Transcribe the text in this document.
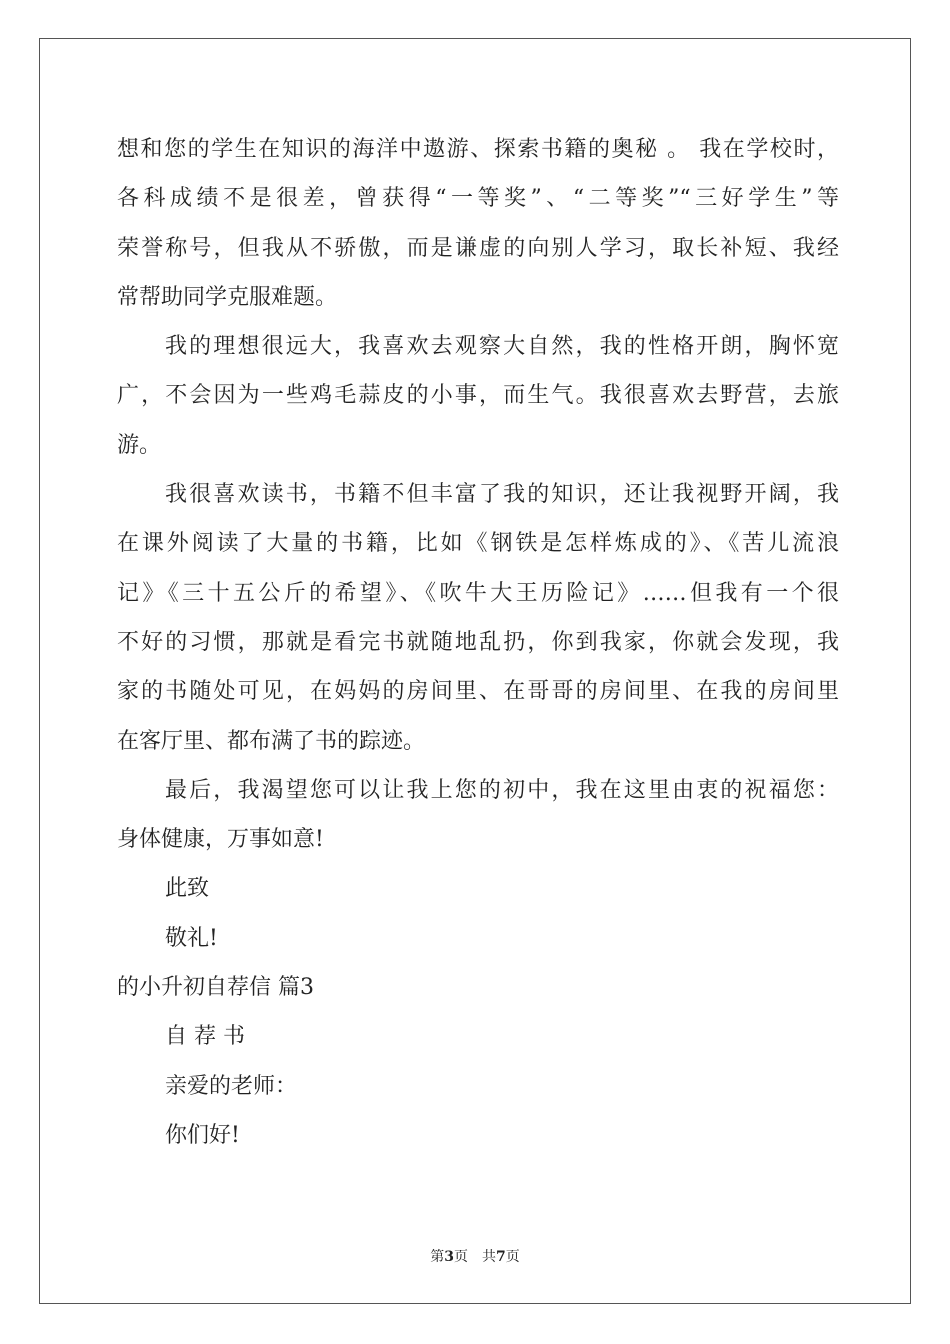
想和您的学生在知识的海洋中遨游、探索书籍的奥秘 。 我在学校时，
各科成绩不是很差，曾获得“一等奖”、“二等奖”“三好学生”等
荣誉称号，但我从不骄傲，而是谦虚的向别人学习，取长补短、我经
常帮助同学克服难题。
我的理想很远大，我喜欢去观察大自然，我的性格开朗，胸怀宽
广，不会因为一些鸡毛蒜皮的小事，而生气。我很喜欢去野营，去旅
游。
我很喜欢读书，书籍不但丰富了我的知识，还让我视野开阔，我
在课外阅读了大量的书籍，比如《钢铁是怎样炼成的》、《苦儿流浪
记》《三十五公斤的希望》、《吹牛大王历险记》……但我有一个很
不好的习惯，那就是看完书就随地乱扔，你到我家，你就会发现，我
家的书随处可见，在妈妈的房间里、在哥哥的房间里、在我的房间里
在客厅里、都布满了书的踪迹。
最后，我渴望您可以让我上您的初中，我在这里由衷的祝福您：
身体健康，万事如意!
此致
敬礼!
的小升初自荐信 篇3
自 荐 书
亲爱的老师：
你们好!
第3页　共7页
